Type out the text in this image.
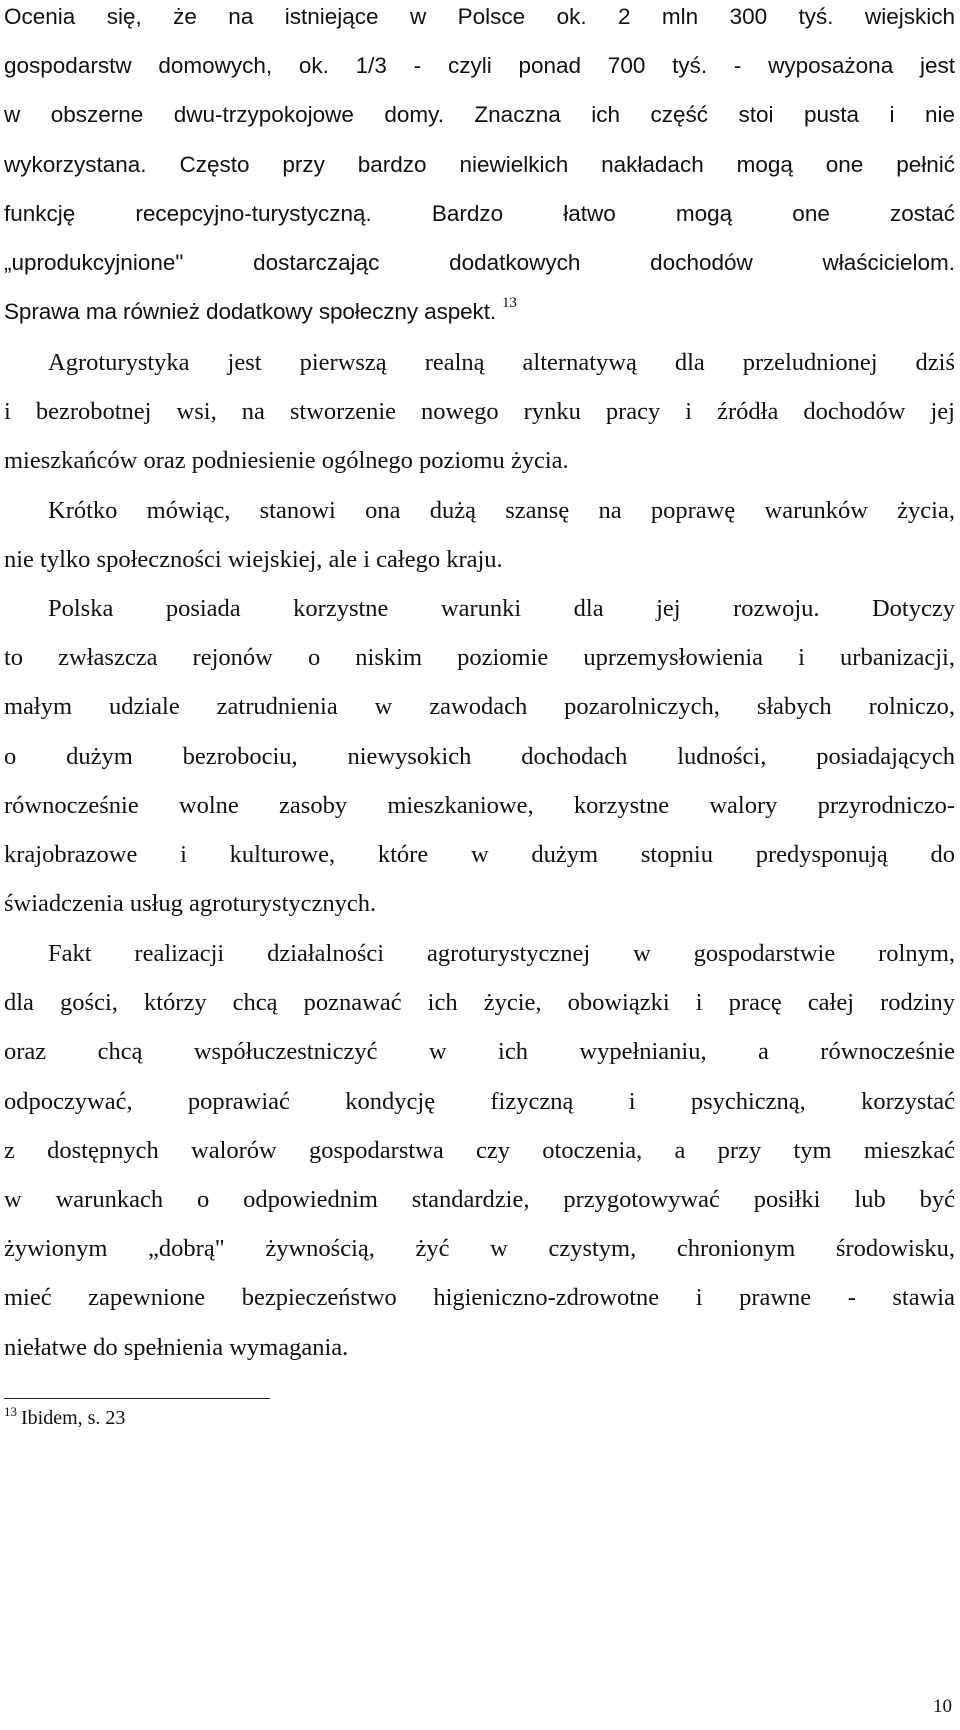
Ocenia się, że na istniejące w Polsce ok. 2 mln 300 tyś. wiejskich
gospodarstw domowych, ok. 1/3 - czyli ponad 700 tyś. - wyposażona jest
w obszerne dwu-trzypokojowe domy. Znaczna ich część stoi pusta i nie
wykorzystana. Często przy bardzo niewielkich nakładach mogą one pełnić
funkcję recepcyjno-turystyczną. Bardzo łatwo mogą one zostać
„uprodukcyjnione" dostarczając dodatkowych dochodów właścicielom.
Sprawa ma również dodatkowy społeczny aspekt. $^{13}$
Agroturystyka jest pierwszą realną alternatywą dla przeludnionej dziś
i bezrobotnej wsi, na stworzenie nowego rynku pracy i źródła dochodów jej
mieszkańców oraz podniesienie ogólnego poziomu życia.
Krótko mówiąc, stanowi ona dużą szansę na poprawę warunków życia,
nie tylko społeczności wiejskiej, ale i całego kraju.
Polska posiada korzystne warunki dla jej rozwoju. Dotyczy
to zwłaszcza rejonów o niskim poziomie uprzemysłowienia i urbanizacji,
małym udziale zatrudnienia w zawodach pozarolniczych, słabych rolniczo,
o dużym bezrobociu, niewysokich dochodach ludności, posiadających
równocześnie wolne zasoby mieszkaniowe, korzystne walory przyrodniczo-
krajobrazowe i kulturowe, które w dużym stopniu predysponują do
świadczenia usług agroturystycznych.
Fakt realizacji działalności agroturystycznej w gospodarstwie rolnym,
dla gości, którzy chcą poznawać ich życie, obowiązki i pracę całej rodziny
oraz chcą współuczestniczyć w ich wypełnianiu, a równocześnie
odpoczywać, poprawiać kondycję fizyczną i psychiczną, korzystać
z dostępnych walorów gospodarstwa czy otoczenia, a przy tym mieszkać
w warunkach o odpowiednim standardzie, przygotowywać posiłki lub być
żywionym „dobrą" żywnością, żyć w czystym, chronionym środowisku,
mieć zapewnione bezpieczeństwo higieniczno-zdrowotne i prawne - stawia
niełatwe do spełnienia wymagania.
$^{13}$ Ibidem, s. 23
10
